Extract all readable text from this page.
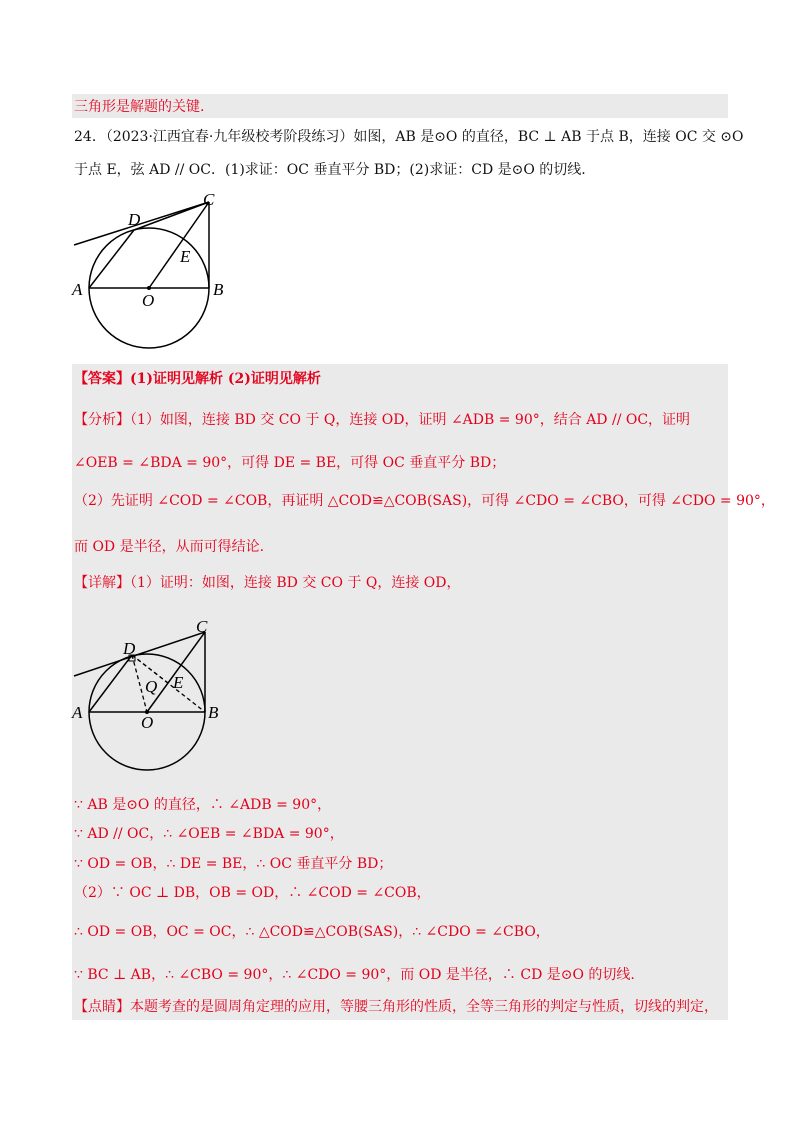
三角形是解题的关键.
24．（2023·江西宜春·九年级校考阶段练习）如图，AB 是⊙O 的直径，BC ⊥ AB 于点 B，连接 OC 交 ⊙O
于点 E，弦 AD // OC．(1)求证：OC 垂直平分 BD；(2)求证：CD 是⊙O 的切线.
A	B
C
D
E
O
【答案】(1)证明见解析 (2)证明见解析
【分析】（1）如图，连接 BD 交 CO 于 Q，连接 OD，证明 ∠ADB = 90°，结合 AD // OC，证明
∠OEB = ∠BDA = 90°，可得 DE = BE，可得 OC 垂直平分 BD；
（2）先证明 ∠COD = ∠COB，再证明 △COD≌△COB(SAS)，可得 ∠CDO = ∠CBO，可得 ∠CDO = 90°，
而 OD 是半径，从而可得结论.
【详解】（1）证明：如图，连接 BD 交 CO 于 Q，连接 OD，
A	B
C
D
E
O
Q
∵ AB 是⊙O 的直径，∴ ∠ADB = 90°，
∵ AD // OC，∴ ∠OEB = ∠BDA = 90°，
∵ OD = OB，∴ DE = BE，∴ OC 垂直平分 BD；
（2）∵ OC ⊥ DB，OB = OD，∴ ∠COD = ∠COB，
∴ OD = OB，OC = OC，∴ △COD≌△COB(SAS)，∴ ∠CDO = ∠CBO，
∵ BC ⊥ AB，∴ ∠CBO = 90°，∴ ∠CDO = 90°，而 OD 是半径，∴ CD 是⊙O 的切线.
【点睛】本题考查的是圆周角定理的应用，等腰三角形的性质，全等三角形的判定与性质，切线的判定，
